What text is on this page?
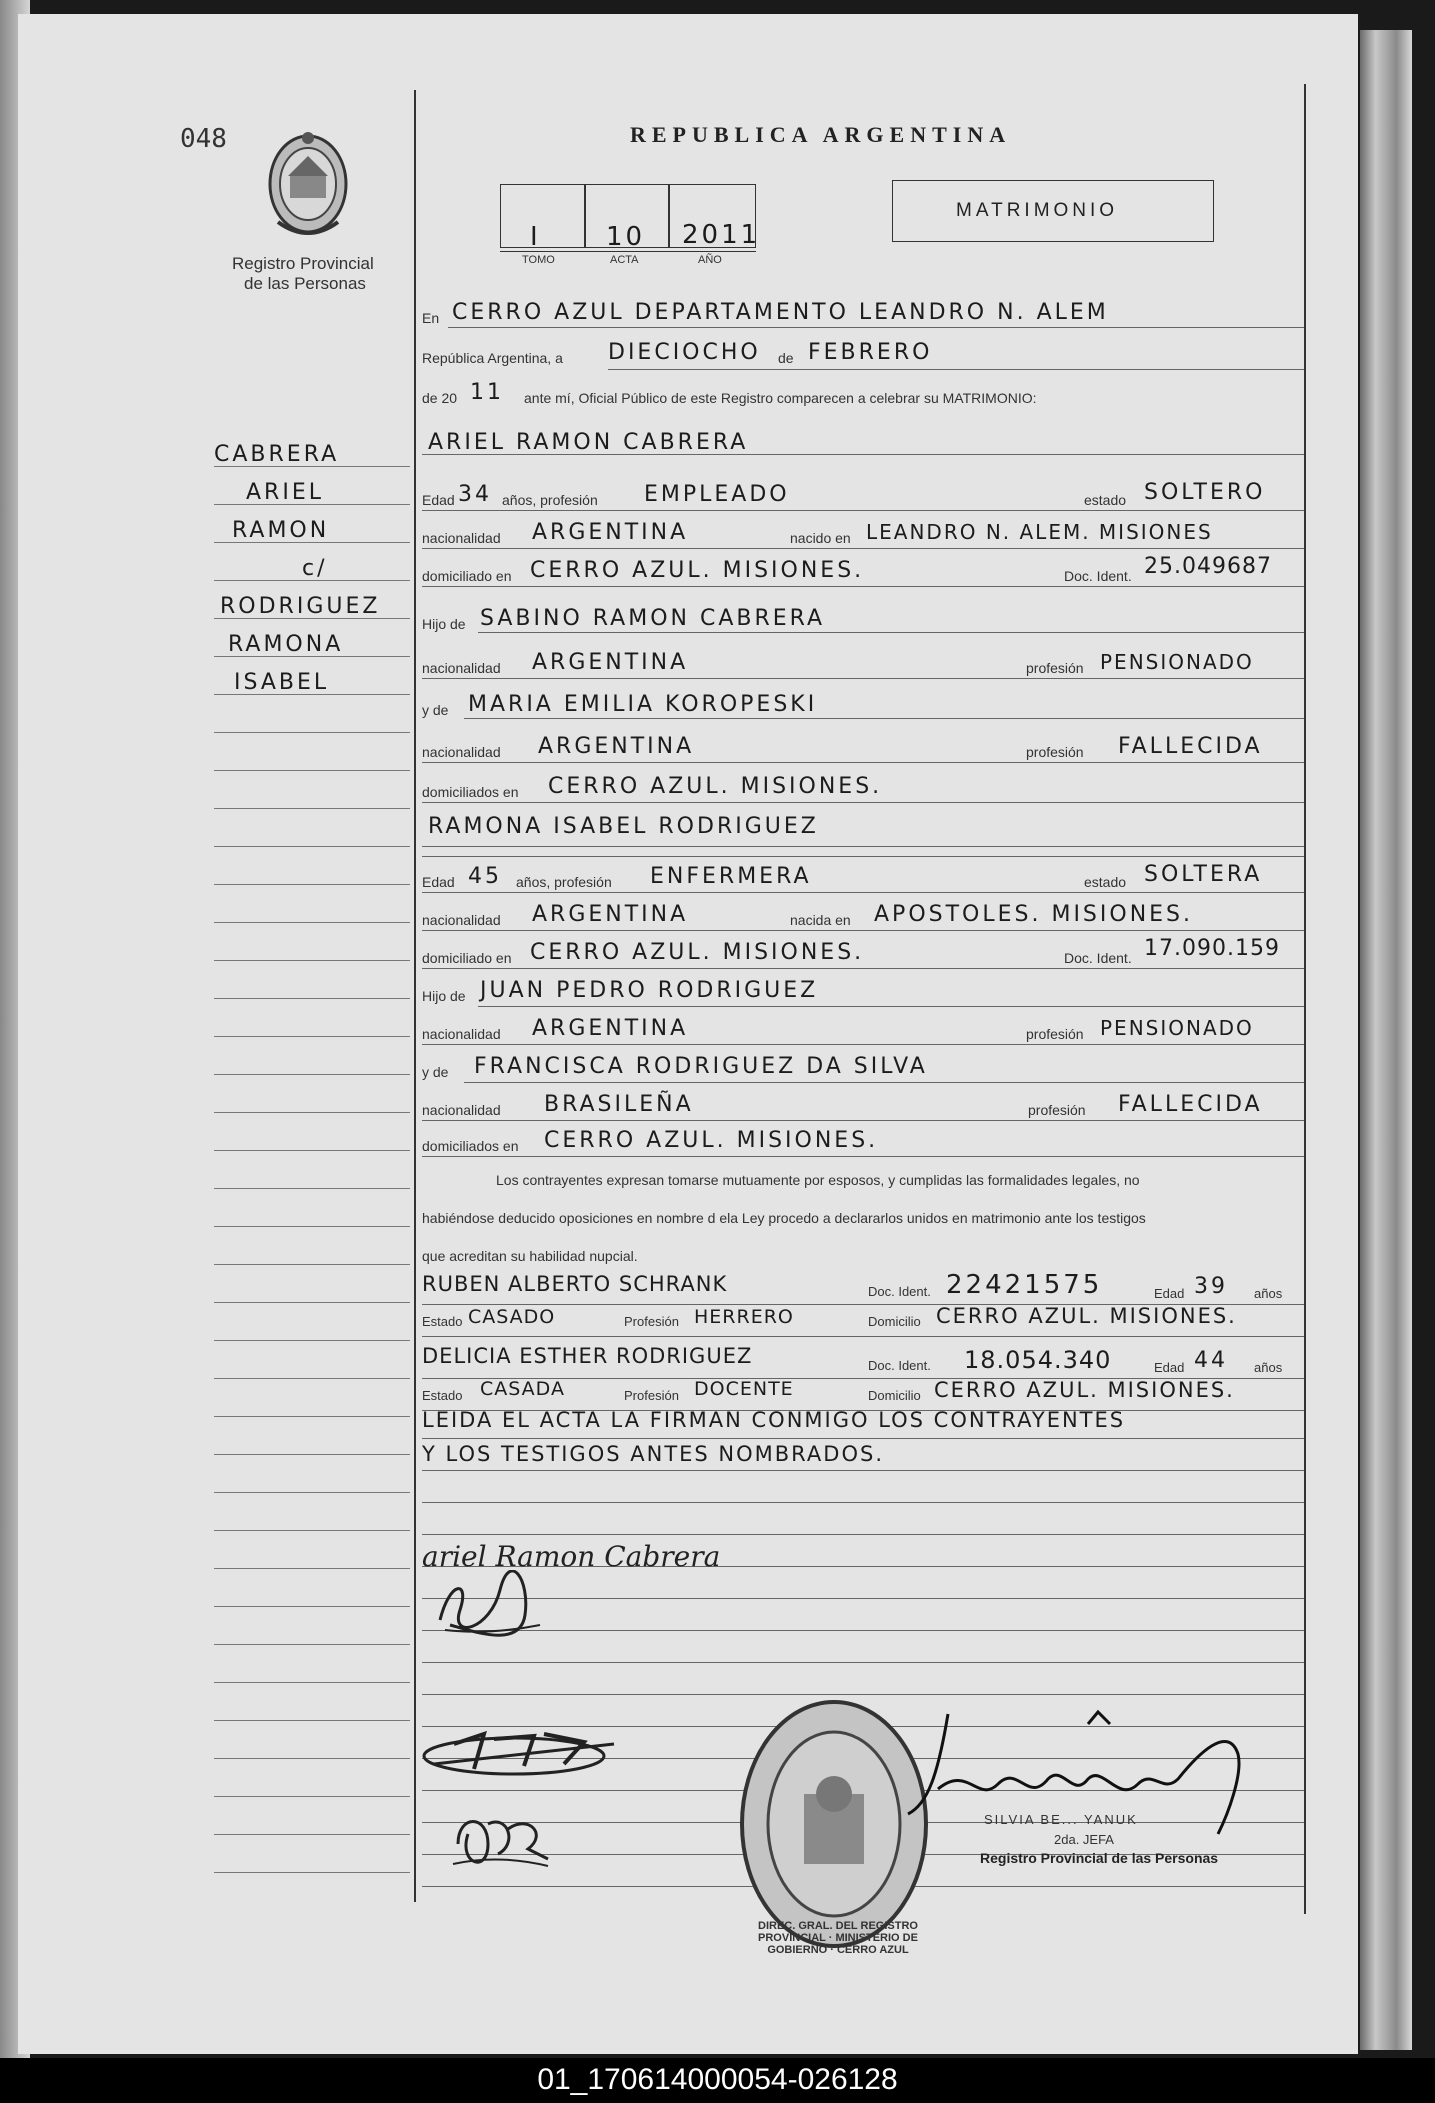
048
Registro Provincial
de las Personas
REPUBLICA ARGENTINA
I	10 2011
TOMO	ACTA	AÑO
MATRIMONIO
CABRERA
ARIEL
RAMON
c/
RODRIGUEZ
RAMONA
ISABEL
En CERRO AZUL DEPARTAMENTO LEANDRO N. ALEM
República Argentina, a DIECIOCHO de FEBRERO
de 20 11 ante mí, Oficial Público de este Registro comparecen a celebrar su MATRIMONIO:
ARIEL RAMON CABRERA
Edad 34 años, profesión EMPLEADO	estado SOLTERO
nacionalidad ARGENTINA	nacido en LEANDRO N. ALEM. MISIONES
domiciliado en CERRO AZUL. MISIONES.	Doc. Ident. 25.049687
Hijo de SABINO RAMON CABRERA
nacionalidad ARGENTINA	profesión PENSIONADO
y de MARIA EMILIA KOROPESKI
nacionalidad ARGENTINA	profesión FALLECIDA
domiciliados en CERRO AZUL. MISIONES.
RAMONA ISABEL RODRIGUEZ
Edad 45 años, profesión ENFERMERA	estado SOLTERA
nacionalidad ARGENTINA	nacida en APOSTOLES. MISIONES.
domiciliado en CERRO AZUL. MISIONES.	Doc. Ident. 17.090.159
Hijo de JUAN PEDRO RODRIGUEZ
nacionalidad ARGENTINA	profesión PENSIONADO
y de FRANCISCA RODRIGUEZ DA SILVA
nacionalidad BRASILEÑA	profesión FALLECIDA
domiciliados en CERRO AZUL. MISIONES.
Los contrayentes expresan tomarse mutuamente por esposos, y cumplidas las formalidades legales, no
habiéndose deducido oposiciones en nombre d ela Ley procedo a declararlos unidos en matrimonio ante los testigos
que acreditan su habilidad nupcial.
RUBEN ALBERTO SCHRANK	Doc. Ident. 22421575	Edad 39 años
Estado CASADO	Profesión HERRERO	Domicilio CERRO AZUL. MISIONES.
DELICIA ESTHER RODRIGUEZ	Doc. Ident. 18.054.340	Edad 44 años
Estado CASADA	Profesión DOCENTE	Domicilio CERRO AZUL. MISIONES.
LEIDA EL ACTA LA FIRMAN CONMIGO LOS CONTRAYENTES
Y LOS TESTIGOS ANTES NOMBRADOS.
ariel Ramon Cabrera
DIREC. GRAL. DEL REGISTRO PROVINCIAL · MINISTERIO DE GOBIERNO · CERRO AZUL
SILVIA BE... YANUK
2da. JEFA
Registro Provincial de las Personas
01_170614000054-026128
